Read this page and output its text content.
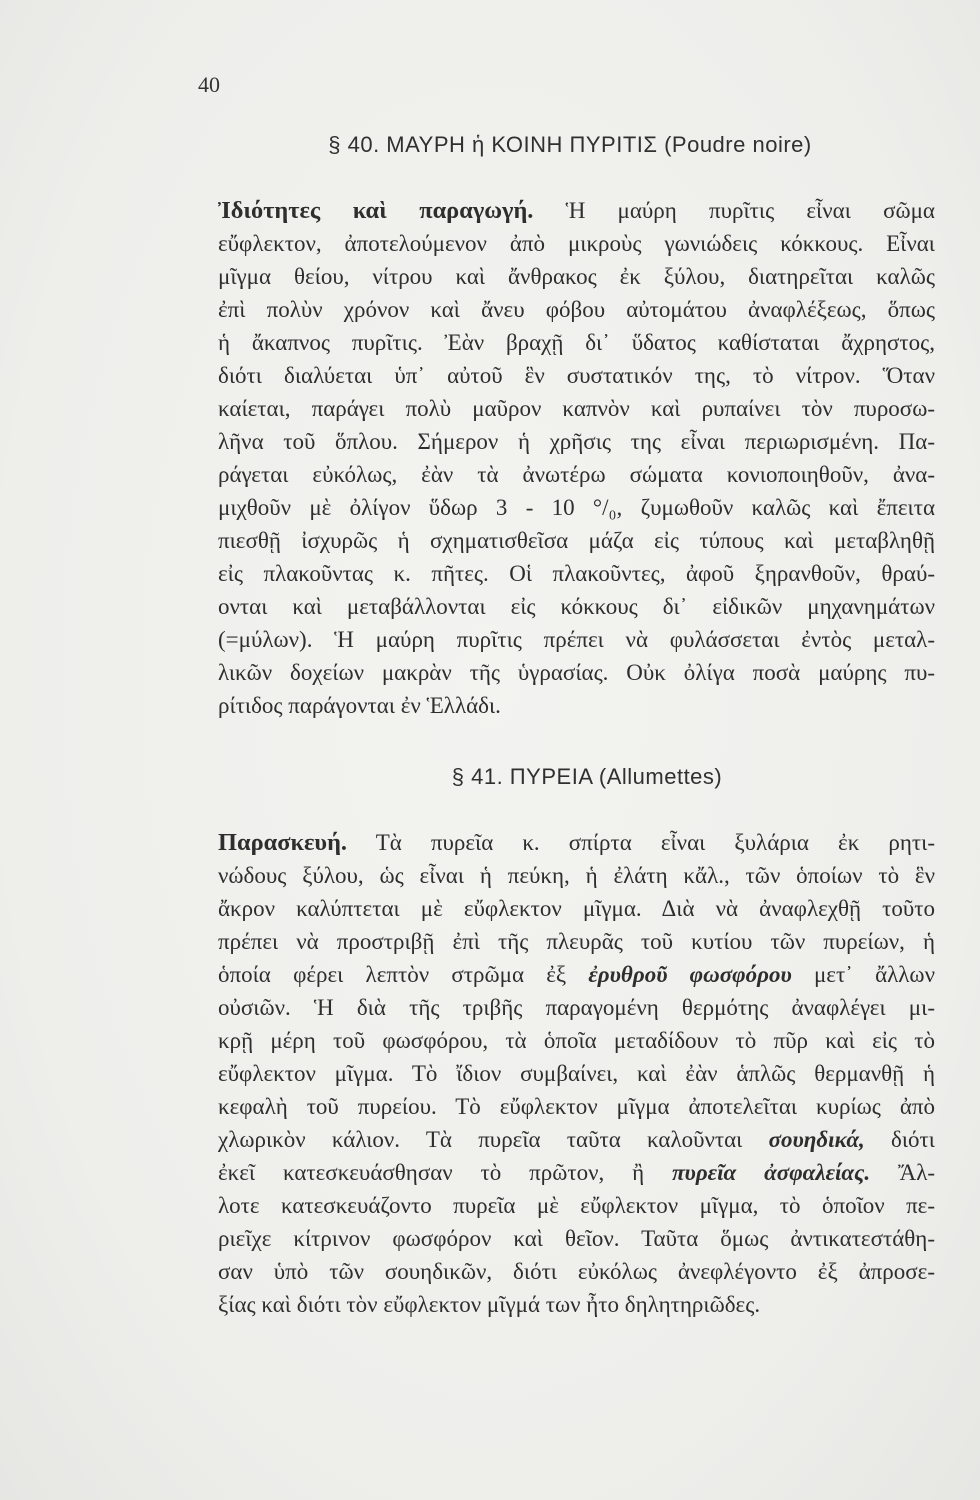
40
§ 40. ΜΑΥΡΗ ἡ ΚΟΙΝΗ ΠΥΡΙΤΙΣ (Poudre noire)
Ἰδιότητες καὶ παραγωγή. Ἡ μαύρη πυρῖτις εἶναι σῶμα
εὔφλεκτον, ἀποτελούμενον ἀπὸ μικροὺς γωνιώδεις κόκκους. Εἶναι
μῖγμα θείου, νίτρου καὶ ἄνθρακος ἐκ ξύλου, διατηρεῖται καλῶς
ἐπὶ πολὺν χρόνον καὶ ἄνευ φόβου αὐτομάτου ἀναφλέξεως, ὅπως
ἡ ἄκαπνος πυρῖτις. Ἐὰν βραχῇ δι᾽ ὕδατος καθίσταται ἄχρηστος,
διότι διαλύεται ὑπ᾽ αὐτοῦ ἓν συστατικόν της, τὸ νίτρον. Ὅταν
καίεται, παράγει πολὺ μαῦρον καπνὸν καὶ ρυπαίνει τὸν πυροσω-
λῆνα τοῦ ὅπλου. Σήμερον ἡ χρῆσις της εἶναι περιωρισμένη. Πα-
ράγεται εὐκόλως, ἐὰν τὰ ἀνωτέρω σώματα κονιοποιηθοῦν, ἀνα-
μιχθοῦν μὲ ὀλίγον ὕδωρ 3 - 10 °/₀, ζυμωθοῦν καλῶς καὶ ἔπειτα
πιεσθῇ ἰσχυρῶς ἡ σχηματισθεῖσα μάζα εἰς τύπους καὶ μεταβληθῇ
εἰς πλακοῦντας κ. πῆτες. Οἱ πλακοῦντες, ἀφοῦ ξηρανθοῦν, θραύ-
ονται καὶ μεταβάλλονται εἰς κόκκους δι᾽ εἰδικῶν μηχανημάτων
(=μύλων). Ἡ μαύρη πυρῖτις πρέπει νὰ φυλάσσεται ἐντὸς μεταλ-
λικῶν δοχείων μακρὰν τῆς ὑγρασίας. Οὐκ ὀλίγα ποσὰ μαύρης πυ-
ρίτιδος παράγονται ἐν Ἑλλάδι.
§ 41. ΠΥΡΕΙΑ (Allumettes)
Παρασκευή. Τὰ πυρεῖα κ. σπίρτα εἶναι ξυλάρια ἐκ ρητι-
νώδους ξύλου, ὡς εἶναι ἡ πεύκη, ἡ ἐλάτη κἄλ., τῶν ὁποίων τὸ ἓν
ἄκρον καλύπτεται μὲ εὔφλεκτον μῖγμα. Διὰ νὰ ἀναφλεχθῇ τοῦτο
πρέπει νὰ προστριβῇ ἐπὶ τῆς πλευρᾶς τοῦ κυτίου τῶν πυρείων, ἡ
ὁποία φέρει λεπτὸν στρῶμα ἐξ ἐρυθροῦ φωσφόρου μετ᾽ ἄλλων
οὐσιῶν. Ἡ διὰ τῆς τριβῆς παραγομένη θερμότης ἀναφλέγει μι-
κρῇ μέρη τοῦ φωσφόρου, τὰ ὁποῖα μεταδίδουν τὸ πῦρ καὶ εἰς τὸ
εὔφλεκτον μῖγμα. Τὸ ἴδιον συμβαίνει, καὶ ἐὰν ἁπλῶς θερμανθῇ ἡ
κεφαλὴ τοῦ πυρείου. Τὸ εὔφλεκτον μῖγμα ἀποτελεῖται κυρίως ἀπὸ
χλωρικὸν κάλιον. Τὰ πυρεῖα ταῦτα καλοῦνται σουηδικά, διότι
ἐκεῖ κατεσκευάσθησαν τὸ πρῶτον, ἢ πυρεῖα ἀσφαλείας. Ἄλ-
λοτε κατεσκευάζοντο πυρεῖα μὲ εὔφλεκτον μῖγμα, τὸ ὁποῖον πε-
ριεῖχε κίτρινον φωσφόρον καὶ θεῖον. Ταῦτα ὅμως ἀντικατεστάθη-
σαν ὑπὸ τῶν σουηδικῶν, διότι εὐκόλως ἀνεφλέγοντο ἐξ ἀπροσε-
ξίας καὶ διότι τὸν εὔφλεκτον μῖγμά των ἦτο δηλητηριῶδες.
